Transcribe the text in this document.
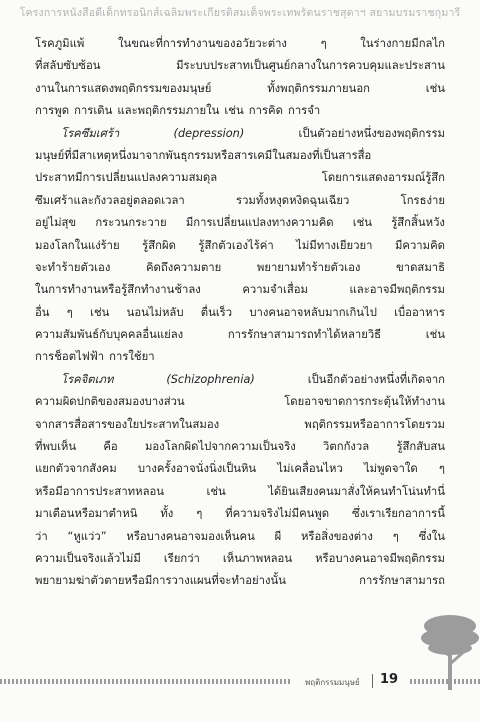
โครงการหนังสือดีเด็กทรอนิกส์เฉลิมพระเกียรติสมเด็จพระเทพรัตนราชสุดาฯ สยามบรมราชกุมารี
โรคภูมิแพ้	ในขณะที่การทำงานของอวัยวะต่าง	ๆ	ในร่างกายมีกลไก
ที่สลับซับซ้อน	มีระบบประสาทเป็นศูนย์กลางในการควบคุมและประสาน
งานในการแสดงพฤติกรรมของมนุษย์	ทั้งพฤติกรรมภายนอก	เช่น
การพูด การเดิน และพฤติกรรมภายใน เช่น การคิด การจำ
โรคซึมเศร้า	(depression)	เป็นตัวอย่างหนึ่งของพฤติกรรม
มนุษย์ที่มีสาเหตุหนึ่งมาจากพันธุกรรมหรือสารเคมีในสมองที่เป็นสารสื่อ
ประสาทมีการเปลี่ยนแปลงความสมดุล	โดยการแสดงอารมณ์รู้สึก
ซึมเศร้าและกังวลอยู่ตลอดเวลา	รวมทั้งหงุดหงิดฉุนเฉียว	โกรธง่าย
อยู่ไม่สุข กระวนกระวาย มีการเปลี่ยนแปลงทางความคิด เช่น รู้สึกสิ้นหวัง
มองโลกในแง่ร้าย รู้สึกผิด รู้สึกตัวเองไร้ค่า ไม่มีทางเยียวยา มีความคิด
จะทำร้ายตัวเอง	คิดถึงความตาย	พยายามทำร้ายตัวเอง	ขาดสมาธิ
ในการทำงานหรือรู้สึกทำงานช้าลง	ความจำเสื่อม	และอาจมีพฤติกรรม
อื่น ๆ เช่น นอนไม่หลับ ตื่นเร็ว บางคนอาจหลับมากเกินไป เบื่ออาหาร
ความสัมพันธ์กับบุคคลอื่นแย่ลง	การรักษาสามารถทำได้หลายวิธี	เช่น
การช็อตไฟฟ้า การใช้ยา
โรคจิตเภท	(Schizophrenia)	เป็นอีกตัวอย่างหนึ่งที่เกิดจาก
ความผิดปกติของสมองบางส่วน	โดยอาจขาดการกระตุ้นให้ทำงาน
จากสารสื่อสารของใยประสาทในสมอง	พฤติกรรมหรืออาการโดยรวม
ที่พบเห็น คือ มองโลกผิดไปจากความเป็นจริง วิตกกังวล รู้สึกสับสน
แยกตัวจากสังคม บางครั้งอาจนั่งนิ่งเป็นหิน ไม่เคลื่อนไหว ไม่พูดจาใด ๆ
หรือมีอาการประสาทหลอน	เช่น	ได้ยินเสียงคนมาสั่งให้คนทำโน่นทำนี่
มาเตือนหรือมาตำหนิ ทั้ง ๆ ที่ความจริงไม่มีคนพูด ซึ่งเราเรียกอาการนี้
ว่า “หูแว่ว” หรือบางคนอาจมองเห็นคน ผี หรือสิ่งของต่าง ๆ ซึ่งใน
ความเป็นจริงแล้วไม่มี เรียกว่า เห็นภาพหลอน หรือบางคนอาจมีพฤติกรรม
พยายามฆ่าตัวตายหรือมีการวางแผนที่จะทำอย่างนั้น	การรักษาสามารถ
พฤติกรรมมนุษย์ 19
